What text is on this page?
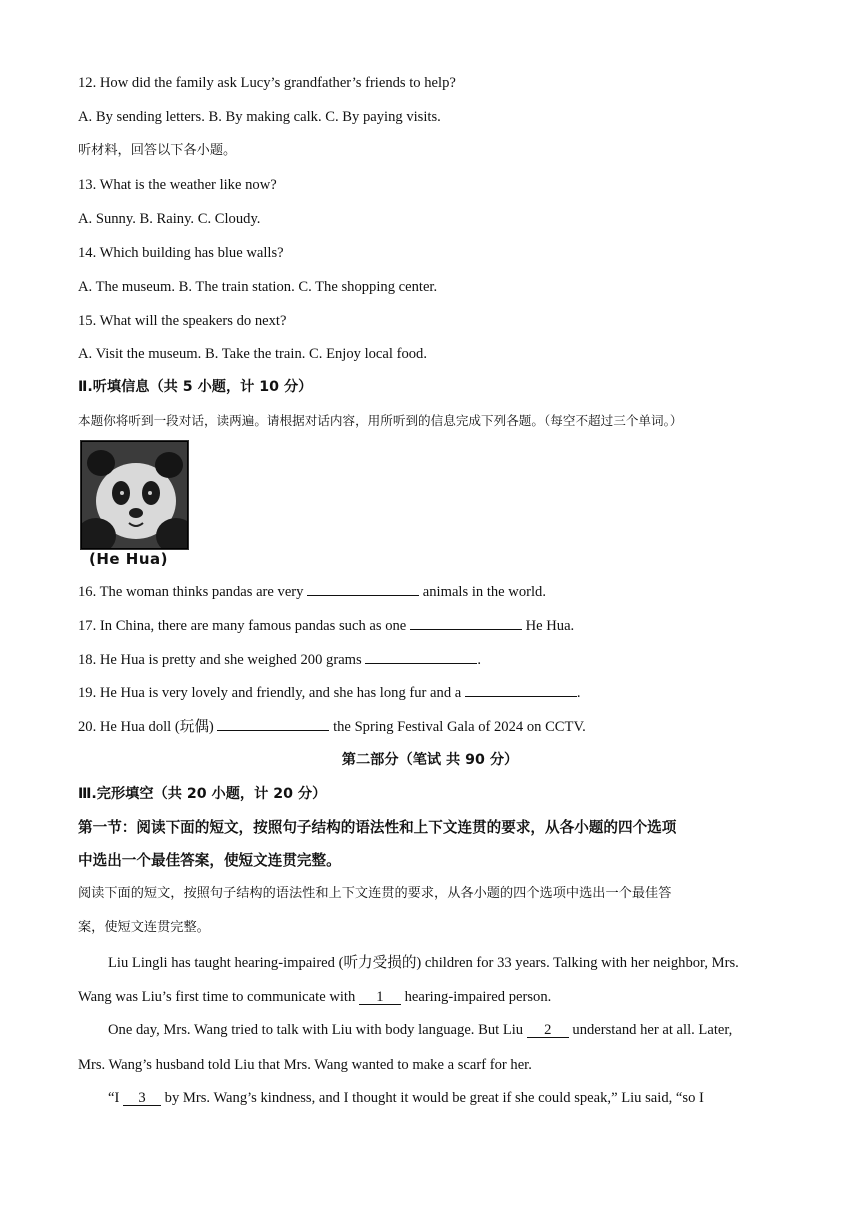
12. How did the family ask Lucy’s grandfather’s friends to help?
A. By sending letters. B. By making calk. C. By paying visits.
听材料，回答以下各小题。
13. What is the weather like now?
A. Sunny. B. Rainy. C. Cloudy.
14. Which building has blue walls?
A. The museum. B. The train station. C. The shopping center.
15. What will the speakers do next?
A. Visit the museum. B. Take the train. C. Enjoy local food.
Ⅱ.听填信息（共 5 小题，计 10 分）
本题你将听到一段对话，读两遍。请根据对话内容，用所听到的信息完成下列各题。（每空不超过三个单词。）
(He Hua)
16. The woman thinks pandas are very	animals in the world.
17. In China, there are many famous pandas such as one	He Hua.
18. He Hua is pretty and she weighed 200 grams	.
19. He Hua is very lovely and friendly, and she has long fur and a	.
20. He Hua doll (玩偶)	the Spring Festival Gala of 2024 on CCTV.
第二部分（笔试 共 90 分）
Ⅲ.完形填空（共 20 小题，计 20 分）
第一节：阅读下面的短文，按照句子结构的语法性和上下文连贯的要求，从各小题的四个选项
中选出一个最佳答案，使短文连贯完整。
阅读下面的短文，按照句子结构的语法性和上下文连贯的要求，从各小题的四个选项中选出一个最佳答
案，使短文连贯完整。
Liu Lingli has taught hearing-impaired (听力受损的) children for 33 years. Talking with her neighbor, Mrs.
Wang was Liu’s first time to communicate with 1 hearing-impaired person.
One day, Mrs. Wang tried to talk with Liu with body language. But Liu 2 understand her at all. Later,
Mrs. Wang’s husband told Liu that Mrs. Wang wanted to make a scarf for her.
“I 3 by Mrs. Wang’s kindness, and I thought it would be great if she could speak,” Liu said, “so I
